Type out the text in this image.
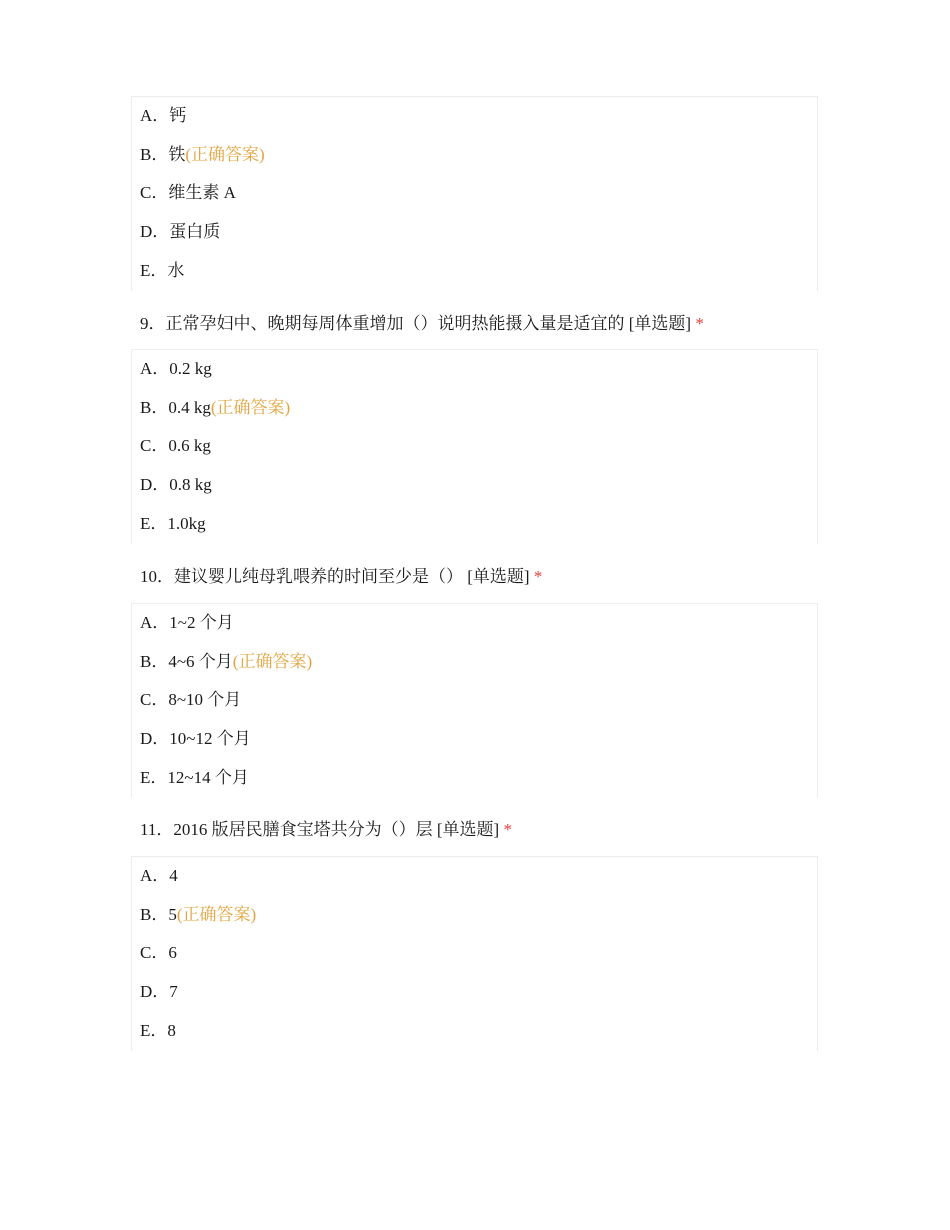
A．钙
B．铁(正确答案)
C．维生素 A
D．蛋白质
E．水
9．正常孕妇中、晚期每周体重增加（）说明热能摄入量是适宜的 [单选题] *
A．0.2 kg
B．0.4 kg(正确答案)
C．0.6 kg
D．0.8 kg
E．1.0kg
10．建议婴儿纯母乳喂养的时间至少是（） [单选题] *
A．1~2 个月
B．4~6 个月(正确答案)
C．8~10 个月
D．10~12 个月
E．12~14 个月
11．2016 版居民膳食宝塔共分为（）层 [单选题] *
A．4
B．5(正确答案)
C．6
D．7
E．8
